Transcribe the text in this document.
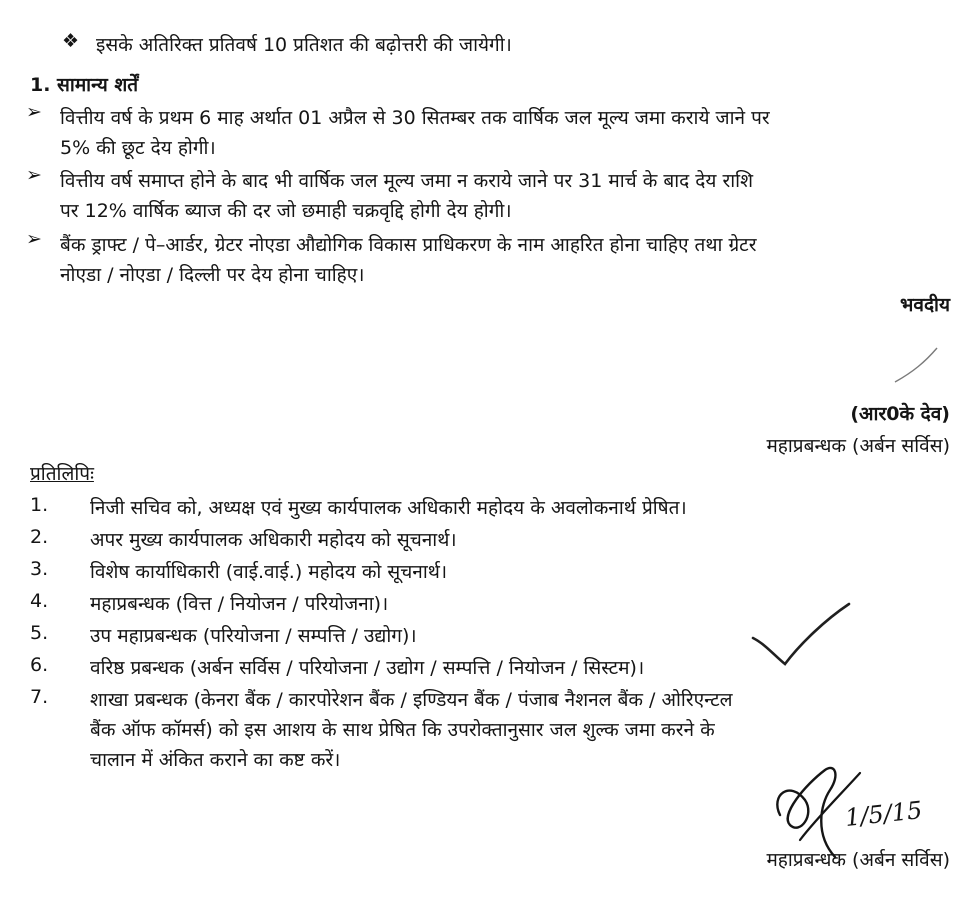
❖ इसके अतिरिक्त प्रतिवर्ष 10 प्रतिशत की बढ़ोत्तरी की जायेगी।
1. सामान्य शर्तें
➢ वित्तीय वर्ष के प्रथम 6 माह अर्थात 01 अप्रैल से 30 सितम्बर तक वार्षिक जल मूल्य जमा कराये जाने पर
5% की छूट देय होगी।
➢ वित्तीय वर्ष समाप्त होने के बाद भी वार्षिक जल मूल्य जमा न कराये जाने पर 31 मार्च के बाद देय राशि
पर 12% वार्षिक ब्याज की दर जो छमाही चक्रवृद्दि होगी देय होगी।
➢ बैंक ड्राफ्ट / पे–आर्डर, ग्रेटर नोएडा औद्योगिक विकास प्राधिकरण के नाम आहरित होना चाहिए तथा ग्रेटर
नोएडा / नोएडा / दिल्ली पर देय होना चाहिए।
भवदीय
(आर0के देव)
महाप्रबन्धक (अर्बन सर्विस)
प्रतिलिपिः
1. निजी सचिव को, अध्यक्ष एवं मुख्य कार्यपालक अधिकारी महोदय के अवलोकनार्थ प्रेषित।
2. अपर मुख्य कार्यपालक अधिकारी महोदय को सूचनार्थ।
3. विशेष कार्याधिकारी (वाई.वाई.) महोदय को सूचनार्थ।
4. महाप्रबन्धक (वित्त / नियोजन / परियोजना)।
5. उप महाप्रबन्धक (परियोजना / सम्पत्ति / उद्योग)।
6. वरिष्ठ प्रबन्धक (अर्बन सर्विस / परियोजना / उद्योग / सम्पत्ति / नियोजन / सिस्टम)।
7. शाखा प्रबन्धक (केनरा बैंक / कारपोरेशन बैंक / इण्डियन बैंक / पंजाब नैशनल बैंक / ओरिएन्टल
बैंक ऑफ कॉमर्स) को इस आशय के साथ प्रेषित कि उपरोक्तानुसार जल शुल्क जमा करने के
चालान में अंकित कराने का कष्ट करें।
1/5/15
महाप्रबन्धक (अर्बन सर्विस)
